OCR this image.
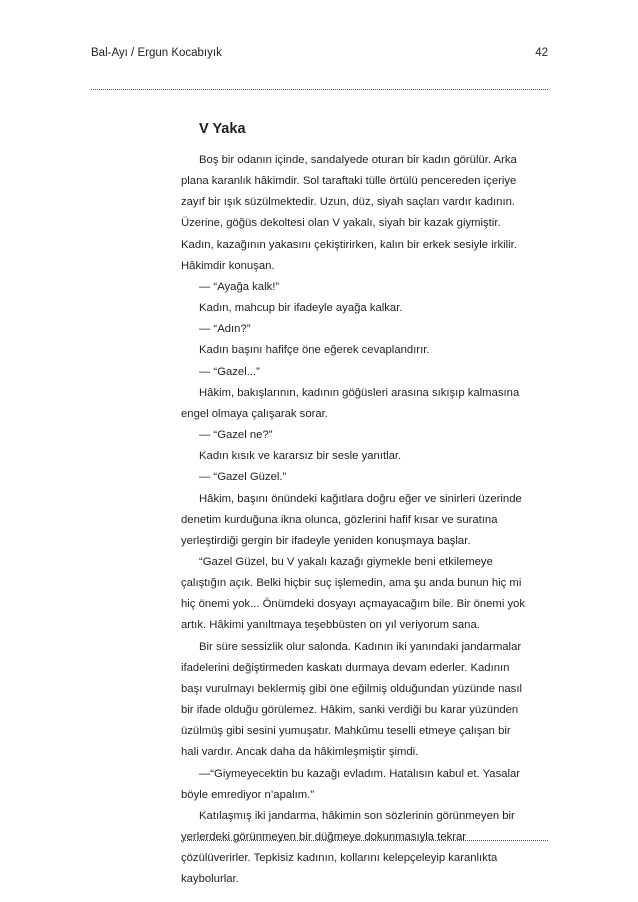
Bal-Ayı / Ergun Kocabıyık	42
V Yaka

Boş bir odanın içinde, sandalyede oturan bir kadın görülür. Arka

plana karanlık hâkimdir. Sol taraftaki tülle örtülü pencereden içeriye

zayıf bir ışık süzülmektedir. Uzun, düz, siyah saçları vardır kadının.

Üzerine, göğüs dekoltesi olan V yakalı, siyah bir kazak giymiştir.

Kadın, kazağının yakasını çekiştirirken, kalın bir erkek sesiyle irkilir.

Hâkimdir konuşan.

— “Ayağa kalk!”

Kadın, mahcup bir ifadeyle ayağa kalkar.

— “Adın?”

Kadın başını hafifçe öne eğerek cevaplandırır.

— “Gazel...”

Hâkim, bakışlarının, kadının göğüsleri arasına sıkışıp kalmasına

engel olmaya çalışarak sorar.

— “Gazel ne?”

Kadın kısık ve kararsız bir sesle yanıtlar.

— “Gazel Güzel.”

Hâkim, başını önündeki kağıtlara doğru eğer ve sinirleri üzerinde

denetim kurduğuna ikna olunca, gözlerini hafif kısar ve suratına

yerleştirdiği gergin bir ifadeyle yeniden konuşmaya başlar.

“Gazel Güzel, bu V yakalı kazağı giymekle beni etkilemeye

çalıştığın açık. Belki hiçbir suç işlemedin, ama şu anda bunun hiç mi

hiç önemi yok... Önümdeki dosyayı açmayacağım bile. Bir önemi yok

artık. Hâkimi yanıltmaya teşebbüsten on yıl veriyorum sana.

Bir süre sessizlik olur salonda. Kadının iki yanındaki jandarmalar

ifadelerini değiştirmeden kaskatı durmaya devam ederler. Kadının

başı vurulmayı beklermiş gibi öne eğilmiş olduğundan yüzünde nasıl

bir ifade olduğu görülemez. Hâkim, sanki verdiği bu karar yüzünden

üzülmüş gibi sesini yumuşatır. Mahkûmu teselli etmeye çalışan bir

hali vardır. Ancak daha da hâkimleşmiştir şimdi.

—“Giymeyecektin bu kazağı evladım. Hatalısın kabul et. Yasalar

böyle emrediyor n’apalım.”

Katılaşmış iki jandarma, hâkimin son sözlerinin görünmeyen bir

yerlerdeki görünmeyen bir düğmeye dokunmasıyla tekrar

çözülüverirler. Tepkisiz kadının, kollarını kelepçeleyip karanlıkta

kaybolurlar.
